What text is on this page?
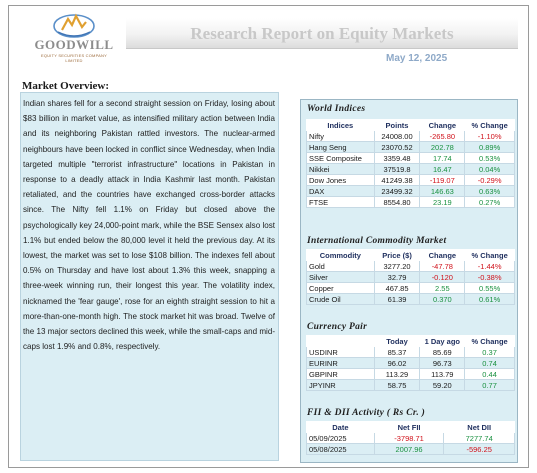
GOODWILL
EQUITY SECURITIES COMPANY LIMITED
Research Report on Equity Markets
May 12, 2025
Market Overview:

Indian shares fell for a second straight session on Friday, losing about $83 billion in market value, as intensified military action between India and its neighboring Pakistan rattled investors. The nuclear-armed neighbours have been locked in conflict since Wednesday, when India targeted multiple "terrorist infrastructure" locations in Pakistan in response to a deadly attack in India Kashmir last month. Pakistan retaliated, and the countries have exchanged cross-border attacks since. The Nifty fell 1.1% on Friday but closed above the psychologically key 24,000-point mark, while the BSE Sensex also lost 1.1% but ended below the 80,000 level it held the previous day. At its lowest, the market was set to lose $108 billion. The indexes fell about 0.5% on Thursday and have lost about 1.3% this week, snapping a three-week winning run, their longest this year. The volatility index, nicknamed the 'fear gauge', rose for an eighth straight session to hit a more-than-one-month high. The stock market hit was broad. Twelve of the 13 major sectors declined this week, while the small-caps and mid-caps lost 1.9% and 0.8%, respectively.

World Indices
Indices	Points	Change	% Change
Nifty	24008.00	-265.80	-1.10%
Hang Seng	23070.52	202.78	0.89%
SSE Composite	3359.48	17.74	0.53%
Nikkei	37519.8	16.47	0.04%
Dow Jones	41249.38	-119.07	-0.29%
DAX	23499.32	146.63	0.63%
FTSE	8554.80	23.19	0.27%
International Commodity Market
Commodity	Price ($)	Change	% Change
Gold	3277.20	-47.78	-1.44%
Silver	32.79	-0.120	-0.38%
Copper	467.85	2.55	0.55%
Crude Oil	61.39	0.370	0.61%
Currency Pair
	Today	1 Day ago	% Change
USDINR	85.37	85.69	0.37
EURINR	96.02	96.73	0.74
GBPINR	113.29	113.79	0.44
JPYINR	58.75	59.20	0.77
FII & DII Activity ( Rs Cr. )
Date	Net FII	Net DII
05/09/2025	-3798.71	7277.74
05/08/2025	2007.96	-596.25
